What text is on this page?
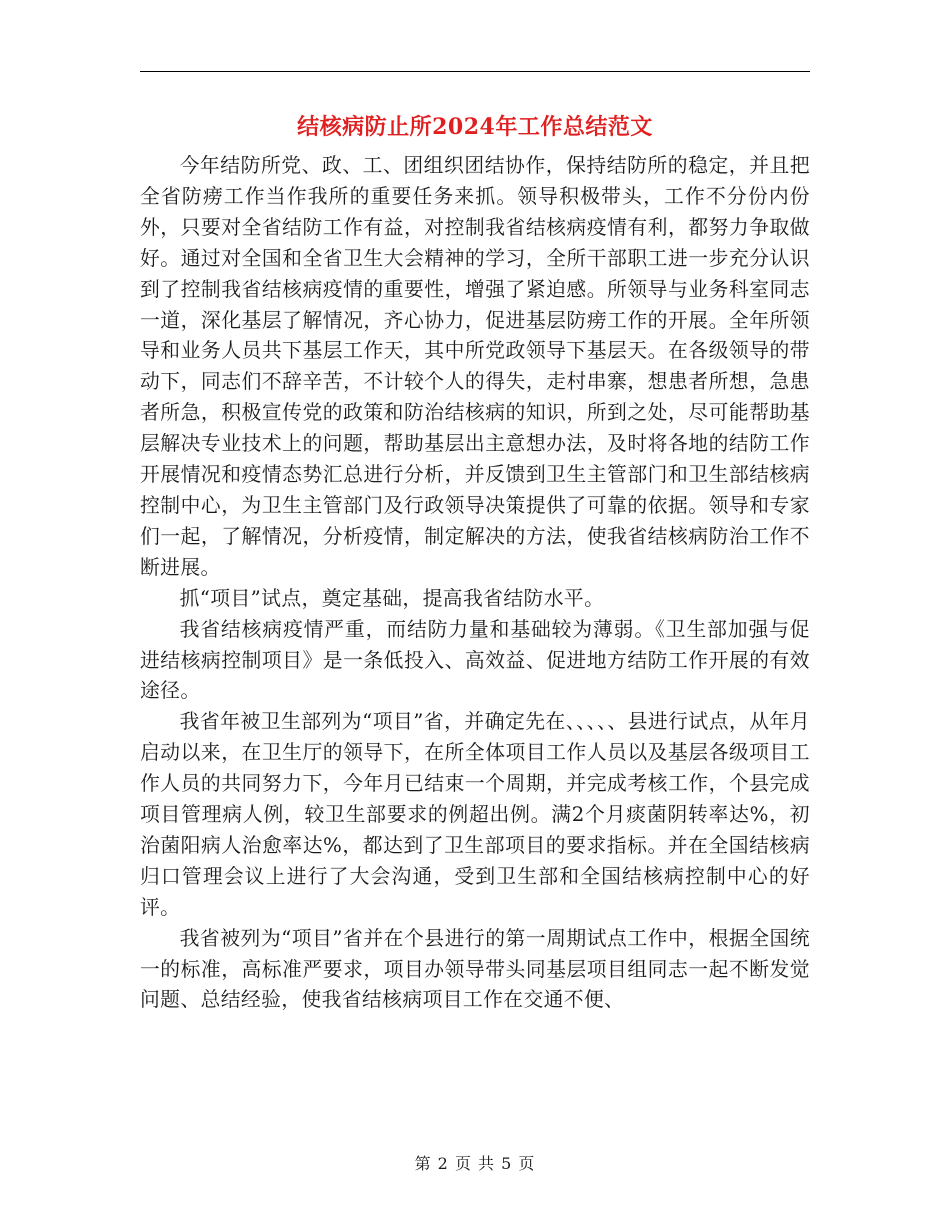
结核病防止所2024年工作总结范文

今年结防所党、政、工、团组织团结协作，保持结防所的稳定，并且把全省防痨工作当作我所的重要任务来抓。领导积极带头，工作不分份内份外，只要对全省结防工作有益，对控制我省结核病疫情有利，都努力争取做好。通过对全国和全省卫生大会精神的学习，全所干部职工进一步充分认识到了控制我省结核病疫情的重要性，增强了紧迫感。所领导与业务科室同志一道，深化基层了解情况，齐心协力，促进基层防痨工作的开展。全年所领导和业务人员共下基层工作天，其中所党政领导下基层天。在各级领导的带动下，同志们不辞辛苦，不计较个人的得失，走村串寨，想患者所想，急患者所急，积极宣传党的政策和防治结核病的知识，所到之处，尽可能帮助基层解决专业技术上的问题，帮助基层出主意想办法，及时将各地的结防工作开展情况和疫情态势汇总进行分析，并反馈到卫生主管部门和卫生部结核病控制中心，为卫生主管部门及行政领导决策提供了可靠的依据。领导和专家们一起，了解情况，分析疫情，制定解决的方法，使我省结核病防治工作不断进展。

抓“项目”试点，奠定基础，提高我省结防水平。

我省结核病疫情严重，而结防力量和基础较为薄弱。《卫生部加强与促进结核病控制项目》是一条低投入、高效益、促进地方结防工作开展的有效途径。

我省年被卫生部列为“项目”省，并确定先在、、、、、县进行试点，从年月启动以来，在卫生厅的领导下，在所全体项目工作人员以及基层各级项目工作人员的共同努力下，今年月已结束一个周期，并完成考核工作，个县完成项目管理病人例，较卫生部要求的例超出例。满2个月痰菌阴转率达%，初治菌阳病人治愈率达%，都达到了卫生部项目的要求指标。并在全国结核病归口管理会议上进行了大会沟通，受到卫生部和全国结核病控制中心的好评。

我省被列为“项目”省并在个县进行的第一周期试点工作中，根据全国统一的标准，高标准严要求，项目办领导带头同基层项目组同志一起不断发觉问题、总结经验，使我省结核病项目工作在交通不便、

第 2 页 共 5 页
